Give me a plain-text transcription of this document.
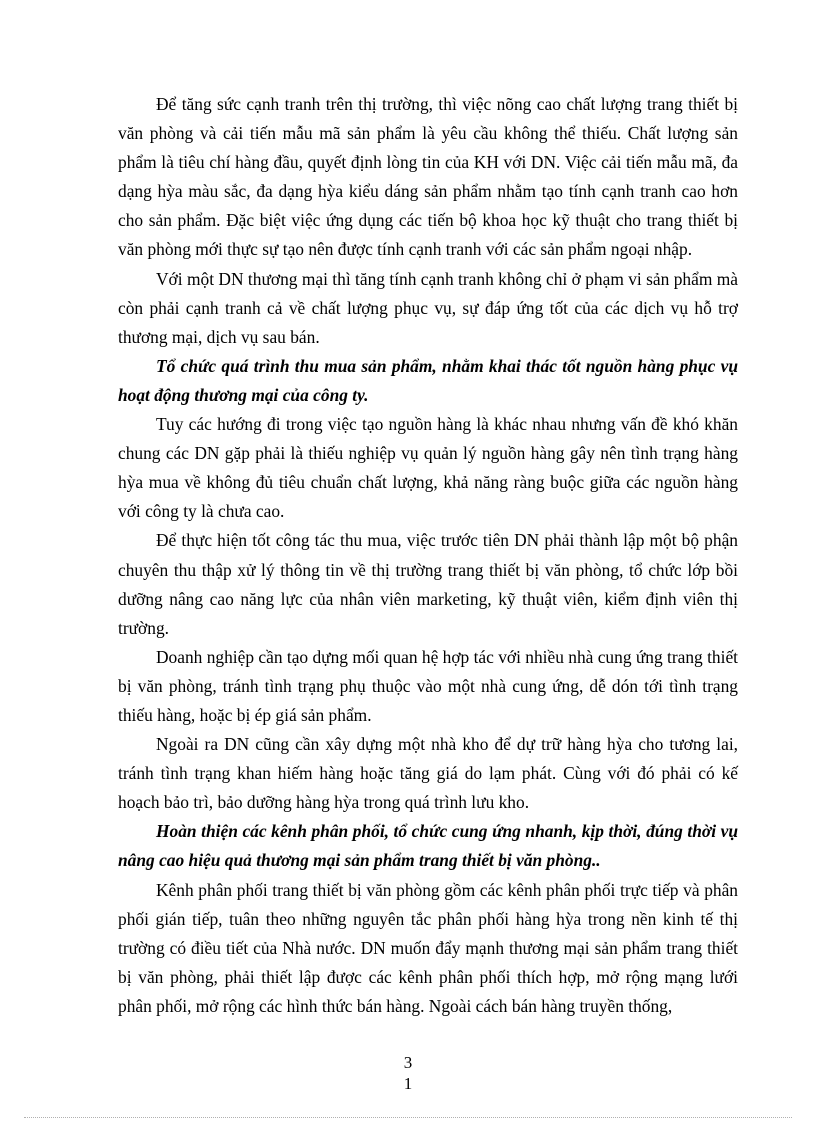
Để tăng sức cạnh tranh trên thị trường, thì việc nõng cao chất lượng trang thiết bị văn phòng và cải tiến mẫu mã sản phẩm là yêu cầu không thể thiếu. Chất lượng sản phẩm là tiêu chí hàng đầu, quyết định lòng tin của KH với DN. Việc cải tiến mẫu mã, đa dạng hỳa màu sắc, đa dạng hỳa kiểu dáng sản phẩm nhằm tạo tính cạnh tranh cao hơn cho sản phẩm. Đặc biệt việc ứng dụng các tiến bộ khoa học kỹ thuật cho trang thiết bị văn phòng mới thực sự tạo nên được tính cạnh tranh với các sản phẩm ngoại nhập.

Với một DN thương mại thì tăng tính cạnh tranh không chỉ ở phạm vi sản phẩm mà còn phải cạnh tranh cả về chất lượng phục vụ, sự đáp ứng tốt của các dịch vụ hỗ trợ thương mại, dịch vụ sau bán.

Tổ chức quá trình thu mua sản phẩm, nhằm khai thác tốt nguồn hàng phục vụ hoạt động thương mại của công ty.

Tuy các hướng đi trong việc tạo nguồn hàng là khác nhau nhưng vấn đề khó khăn chung các DN gặp phải là thiếu nghiệp vụ quản lý nguồn hàng gây nên tình trạng hàng hỳa mua về không đủ tiêu chuẩn chất lượng, khả năng ràng buộc giữa các nguồn hàng với công ty là chưa cao.

Để thực hiện tốt công tác thu mua, việc trước tiên DN phải thành lập một bộ phận chuyên thu thập xử lý thông tin về thị trường trang thiết bị văn phòng, tổ chức lớp bồi dưỡng nâng cao năng lực của nhân viên marketing, kỹ thuật viên, kiểm định viên thị trường.

Doanh nghiệp cần tạo dựng mối quan hệ hợp tác với nhiều nhà cung ứng trang thiết bị văn phòng, tránh tình trạng phụ thuộc vào một nhà cung ứng, dễ dón tới tình trạng thiếu hàng, hoặc bị ép giá sản phẩm.

Ngoài ra DN cũng cần xây dựng một nhà kho để dự trữ hàng hỳa cho tương lai, tránh tình trạng khan hiếm hàng hoặc tăng giá do lạm phát. Cùng với đó phải có kế hoạch bảo trì, bảo dưỡng hàng hỳa trong quá trình lưu kho.

Hoàn thiện các kênh phân phối, tổ chức cung ứng nhanh, kịp thời, đúng thời vụ nâng cao hiệu quả thương mại sản phẩm trang thiết bị văn phòng..

Kênh phân phối trang thiết bị văn phòng gồm các kênh phân phối trực tiếp và phân phối gián tiếp, tuân theo những nguyên tắc phân phối hàng hỳa trong nền kinh tế thị trường có điều tiết của Nhà nước. DN muốn đẩy mạnh thương mại sản phẩm trang thiết bị văn phòng, phải thiết lập được các kênh phân phối thích hợp, mở rộng mạng lưới phân phối, mở rộng các hình thức bán hàng. Ngoài cách bán hàng truyền thống,

3
1
